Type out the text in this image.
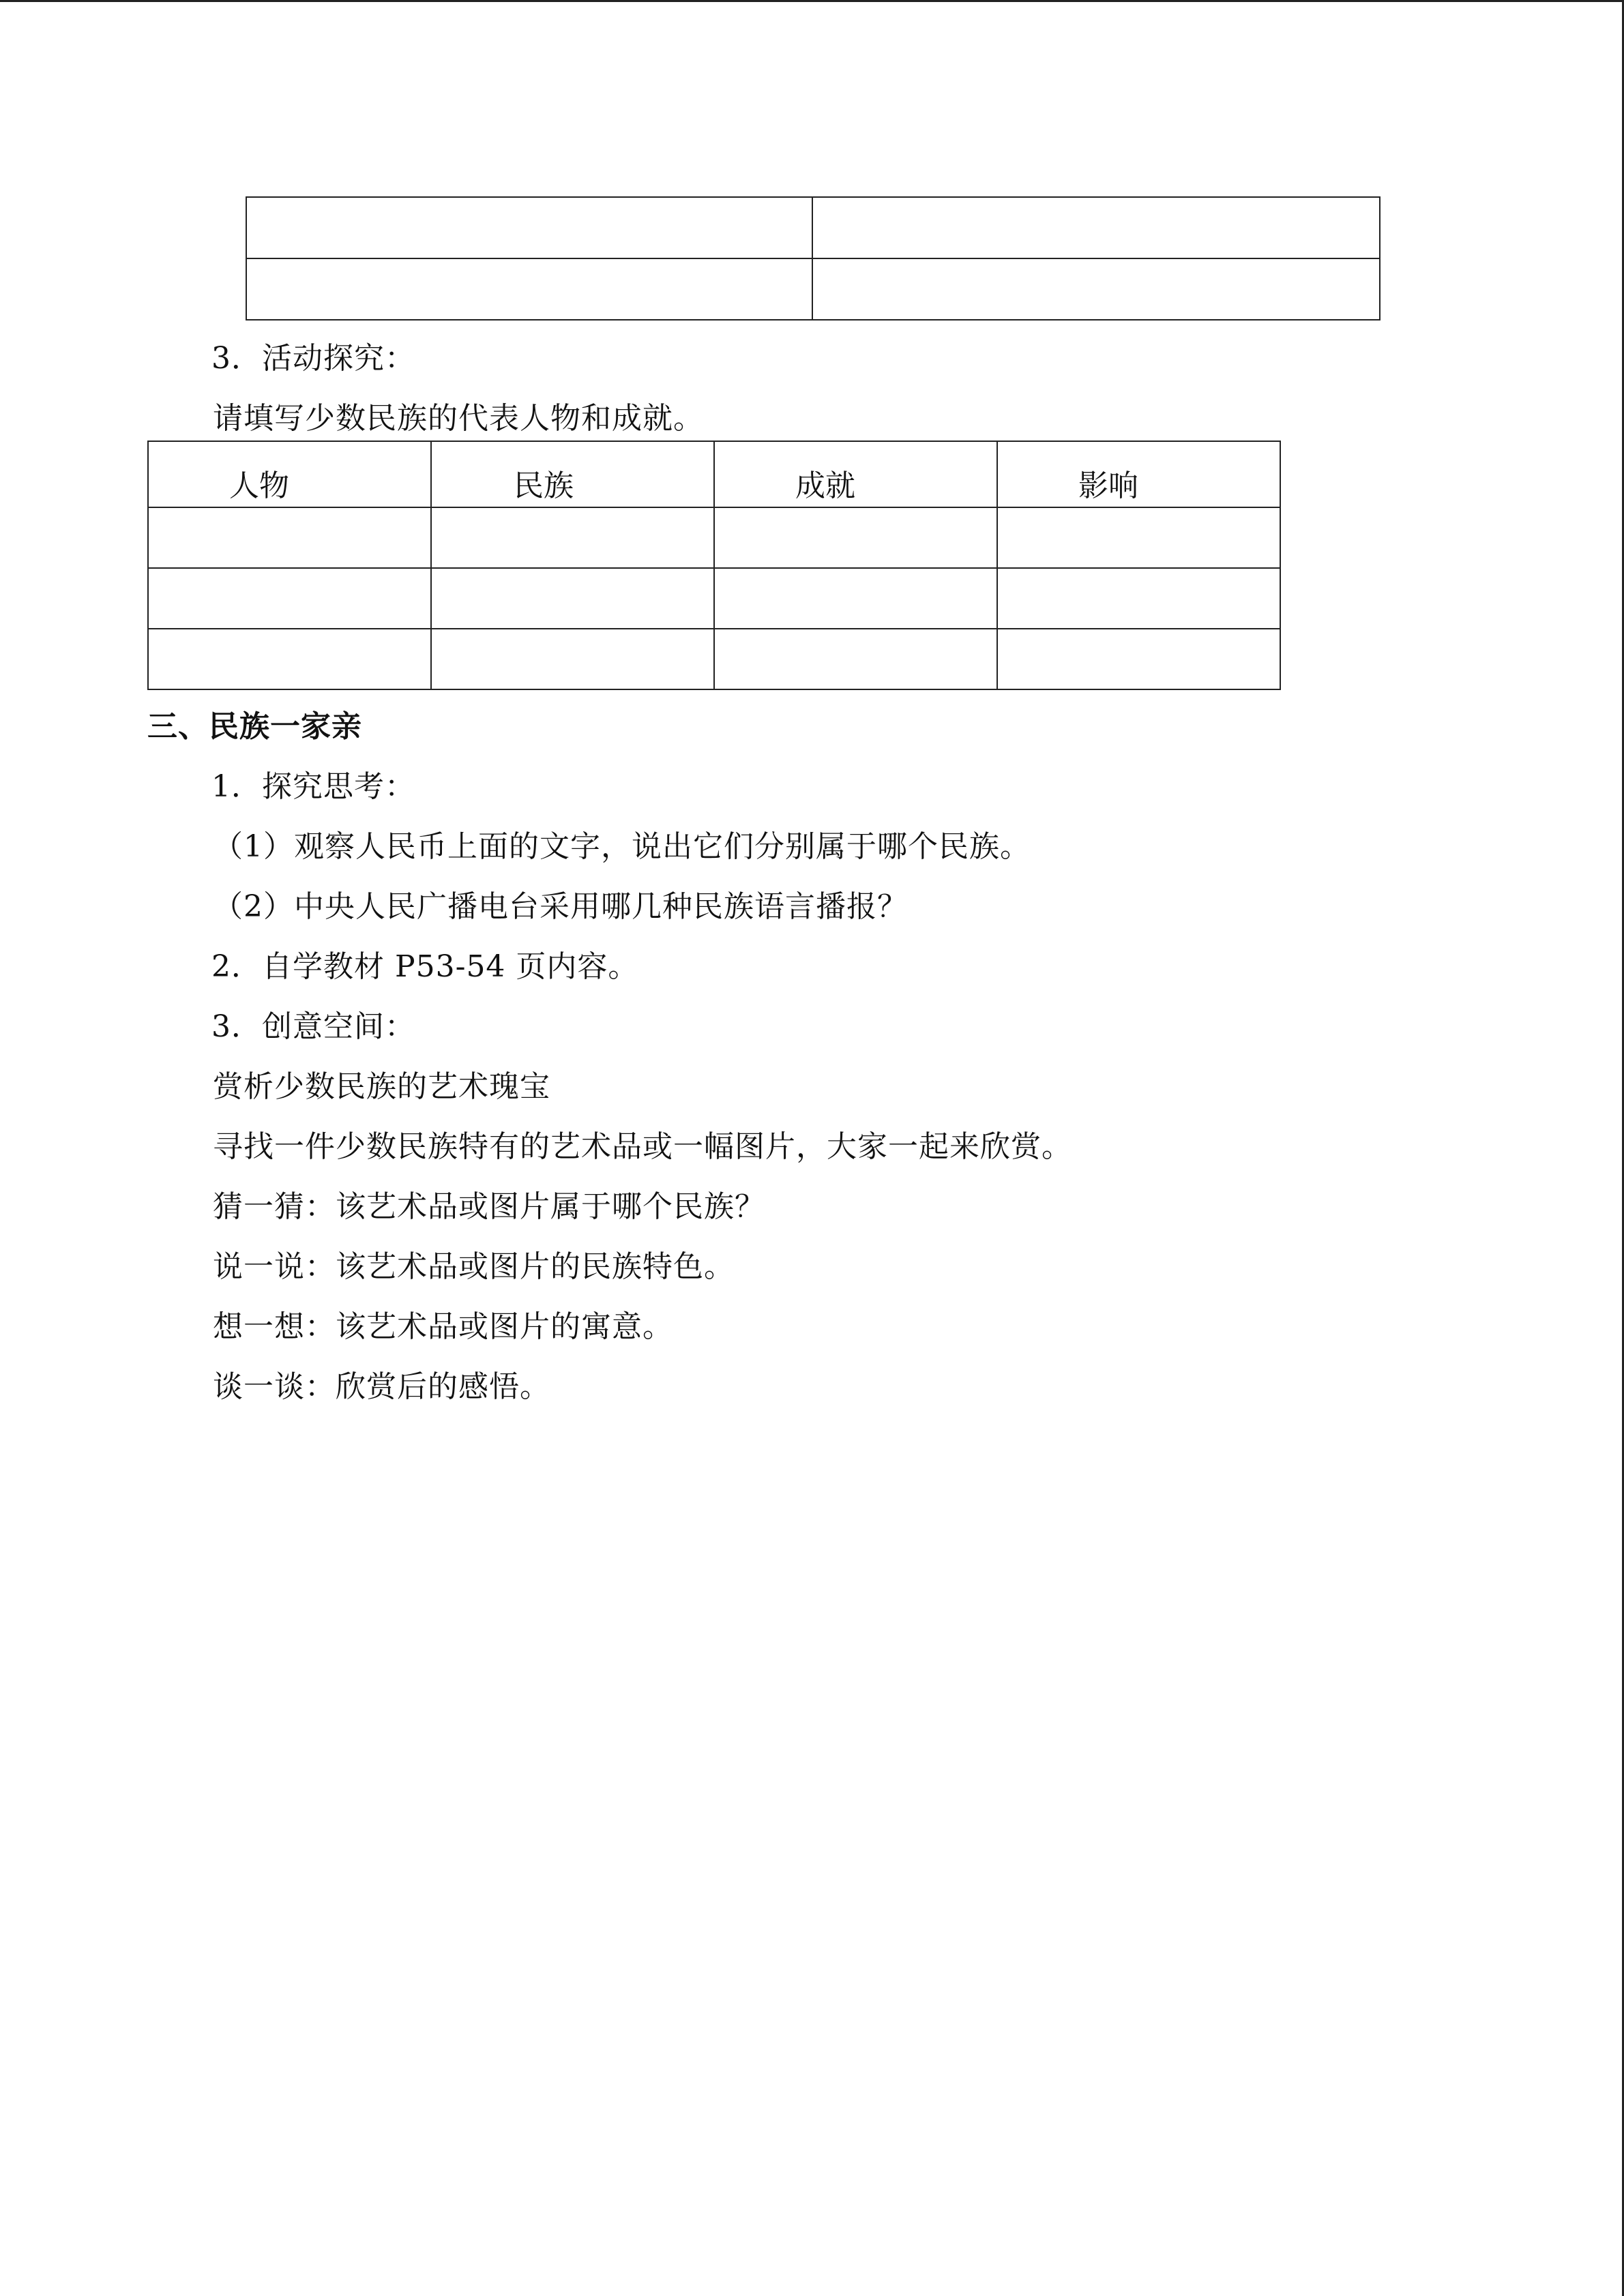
3．活动探究：
请填写少数民族的代表人物和成就。
人物	民族	成就	影响

三、民族一家亲
1．探究思考：
（1）观察人民币上面的文字，说出它们分别属于哪个民族。
（2）中央人民广播电台采用哪几种民族语言播报？
2．自学教材 P53-54 页内容。
3．创意空间：
赏析少数民族的艺术瑰宝
寻找一件少数民族特有的艺术品或一幅图片，大家一起来欣赏。
猜一猜：该艺术品或图片属于哪个民族？
说一说：该艺术品或图片的民族特色。
想一想：该艺术品或图片的寓意。
谈一谈：欣赏后的感悟。
